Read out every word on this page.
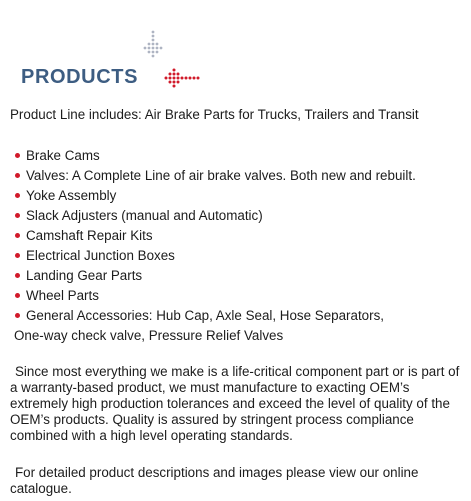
PRODUCTS

Product Line includes: Air Brake Parts for Trucks, Trailers and Transit

Brake Cams
Valves: A Complete Line of air brake valves. Both new and rebuilt.
Yoke Assembly
Slack Adjusters (manual and Automatic)
Camshaft Repair Kits
Electrical Junction Boxes
Landing Gear Parts
Wheel Parts
General Accessories: Hub Cap, Axle Seal, Hose Separators,
One-way check valve, Pressure Relief Valves

Since most everything we make is a life-critical component part or is part of a warranty-based product, we must manufacture to exacting OEM’s extremely high production tolerances and exceed the level of quality of the OEM’s products. Quality is assured by stringent process compliance combined with a high level operating standards.

For detailed product descriptions and images please view our online catalogue.
